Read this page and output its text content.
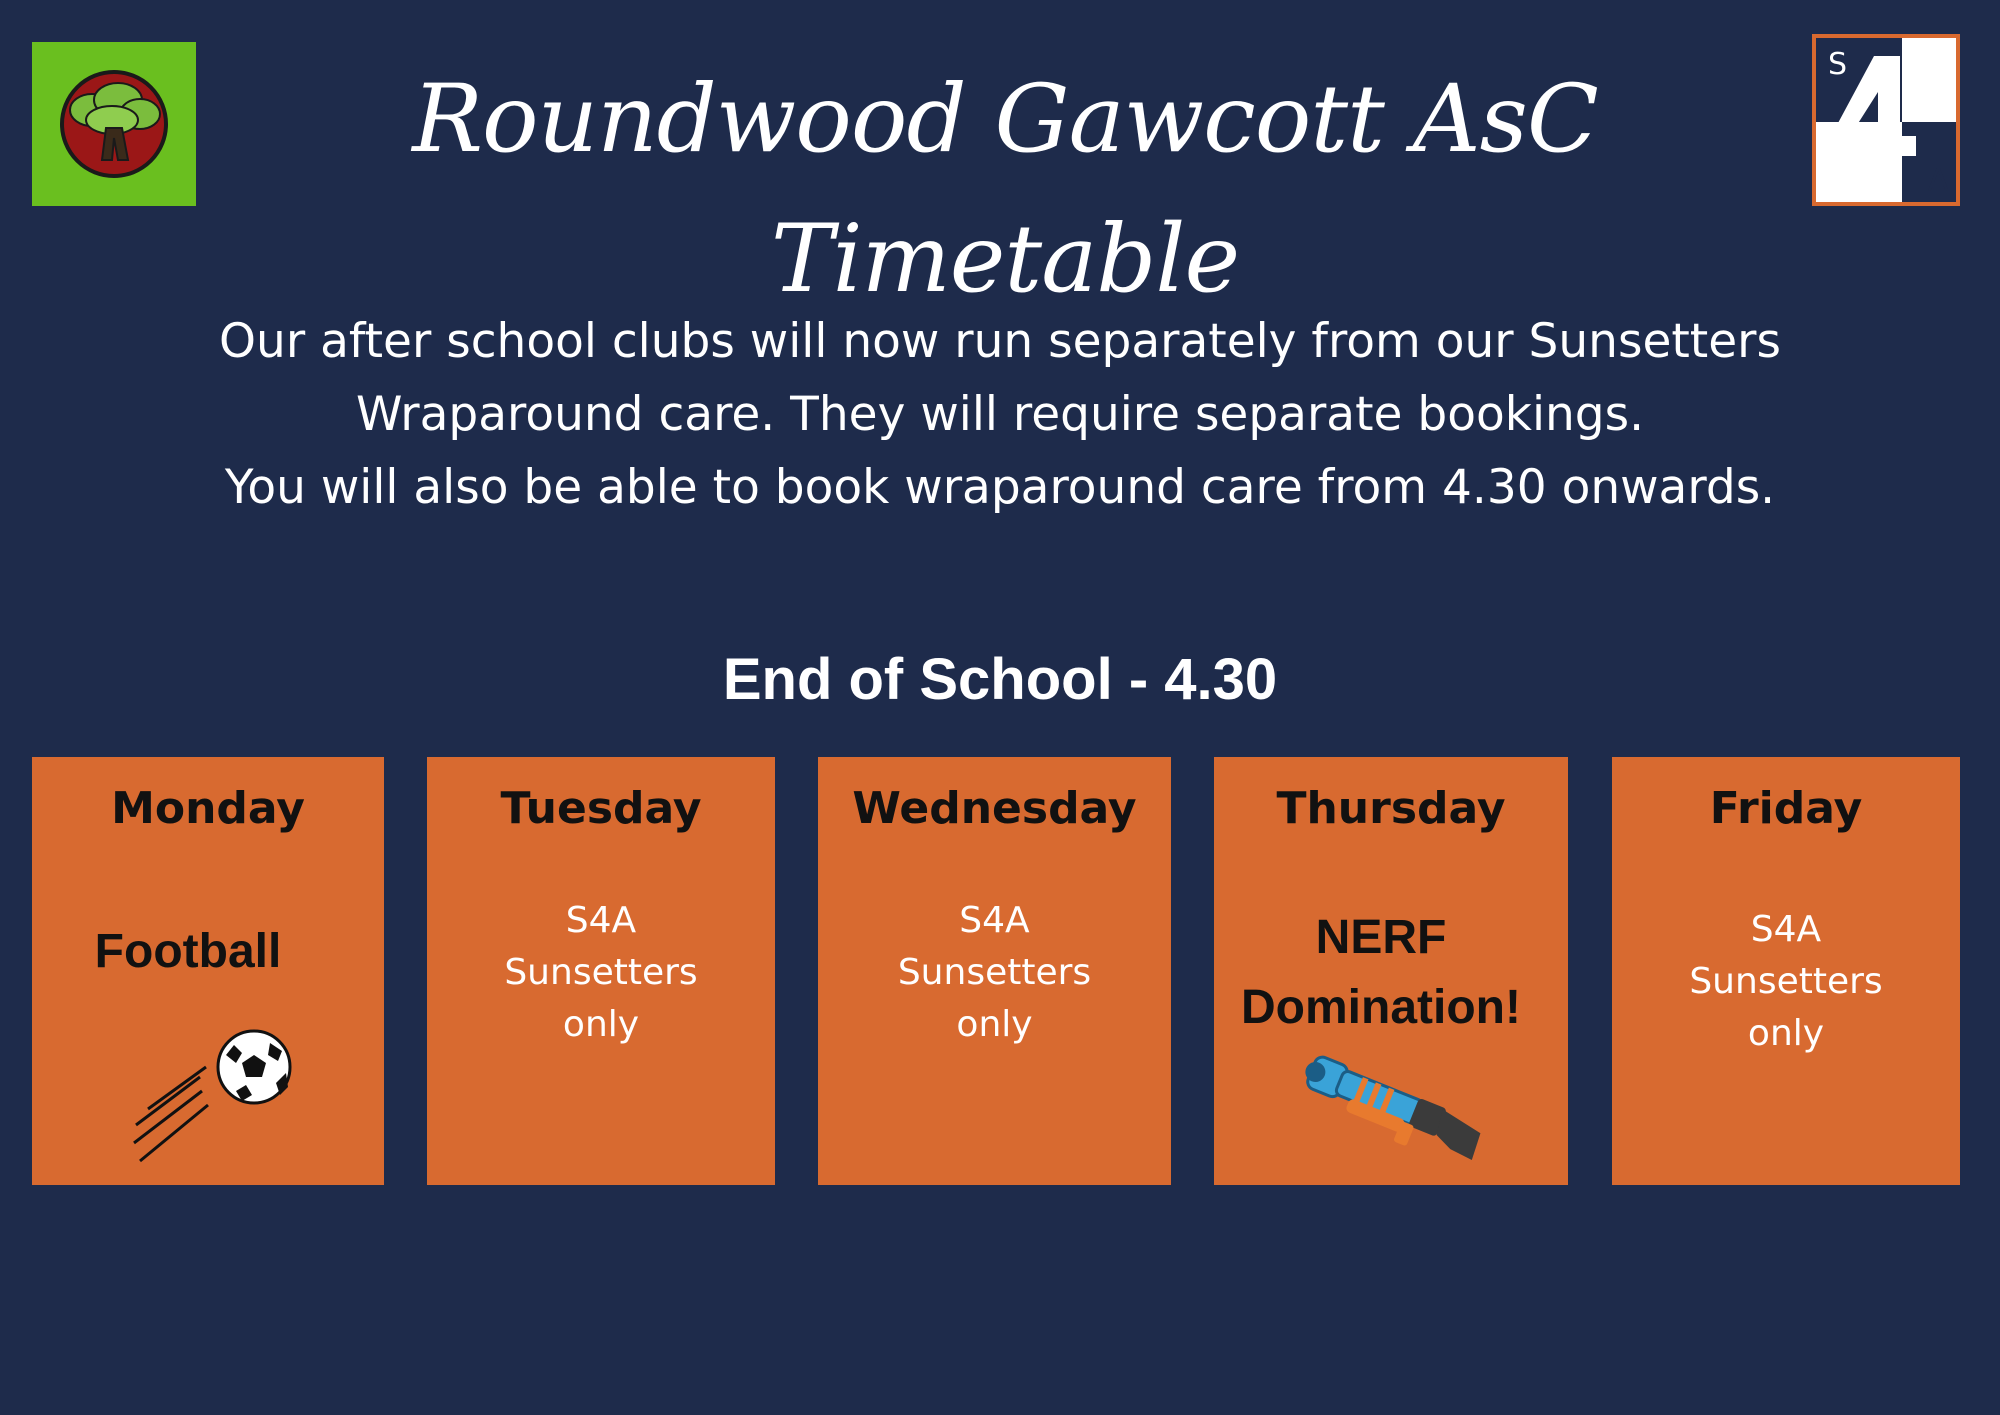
Roundwood Gawcott AsC Timetable
S
A
Our after school clubs will now run separately from our Sunsetters
Wraparound care. They will require separate bookings.
You will also be able to book wraparound care from 4.30 onwards.
End of School - 4.30
Monday
Football
Tuesday
S4A
Sunsetters
only
Wednesday
S4A
Sunsetters
only
Thursday
NERF
Domination!
Friday
S4A
Sunsetters
only
